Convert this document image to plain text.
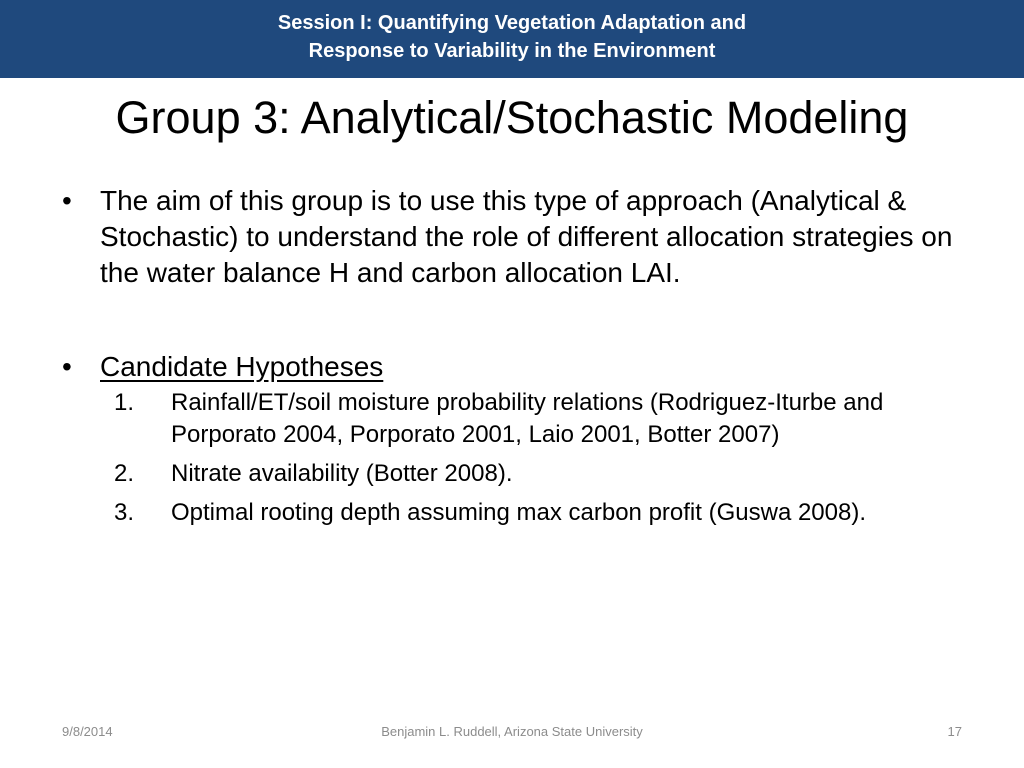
Session I: Quantifying Vegetation Adaptation and
Response to Variability in the Environment
Group 3: Analytical/Stochastic Modeling
•	The aim of this group is to use this type of approach (Analytical & Stochastic) to understand the role of different allocation strategies on the water balance H and carbon allocation LAI.
•	Candidate Hypotheses
1.	Rainfall/ET/soil moisture probability relations (Rodriguez-Iturbe and Porporato 2004, Porporato 2001, Laio 2001, Botter 2007)
2.	Nitrate availability (Botter 2008).
3.	Optimal rooting depth assuming max carbon profit (Guswa 2008).
9/8/2014	Benjamin L. Ruddell, Arizona State University	17
